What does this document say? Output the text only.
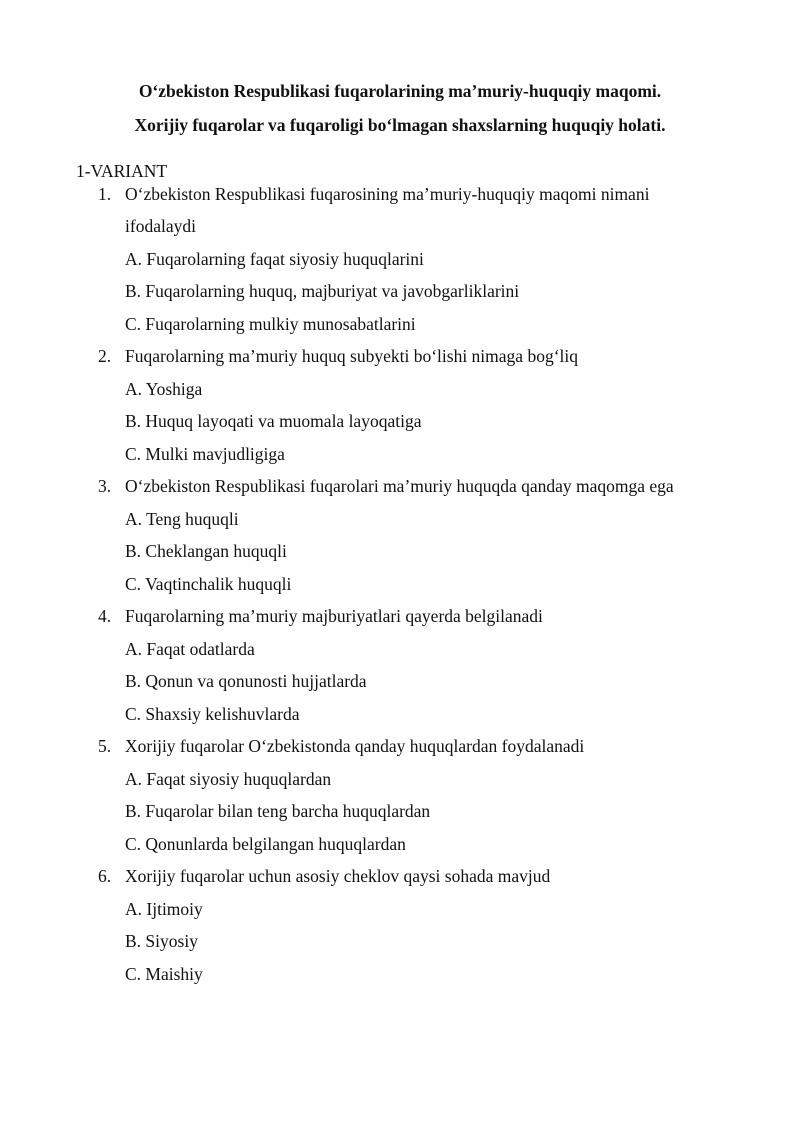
O‘zbekiston Respublikasi fuqarolarining ma’muriy-huquqiy maqomi.
Xorijiy fuqarolar va fuqaroligi bo‘lmagan shaxslarning huquqiy holati.
1-VARIANT
1. O‘zbekiston Respublikasi fuqarosining ma’muriy-huquqiy maqomi nimani ifodalaydi
A. Fuqarolarning faqat siyosiy huquqlarini
B. Fuqarolarning huquq, majburiyat va javobgarliklarini
C. Fuqarolarning mulkiy munosabatlarini
2. Fuqarolarning ma’muriy huquq subyekti bo‘lishi nimaga bog‘liq

A. Yoshiga
B. Huquq layoqati va muomala layoqatiga
C. Mulki mavjudligiga
3. O‘zbekiston Respublikasi fuqarolari ma’muriy huquqda qanday maqomga ega

A. Teng huquqli
B. Cheklangan huquqli
C. Vaqtinchalik huquqli
4. Fuqarolarning ma’muriy majburiyatlari qayerda belgilanadi

A. Faqat odatlarda
B. Qonun va qonunosti hujjatlarda
C. Shaxsiy kelishuvlarda
5. Xorijiy fuqarolar O‘zbekistonda qanday huquqlardan foydalanadi

A. Faqat siyosiy huquqlardan
B. Fuqarolar bilan teng barcha huquqlardan
C. Qonunlarda belgilangan huquqlardan
6. Xorijiy fuqarolar uchun asosiy cheklov qaysi sohada mavjud

A. Ijtimoiy
B. Siyosiy
C. Maishiy
